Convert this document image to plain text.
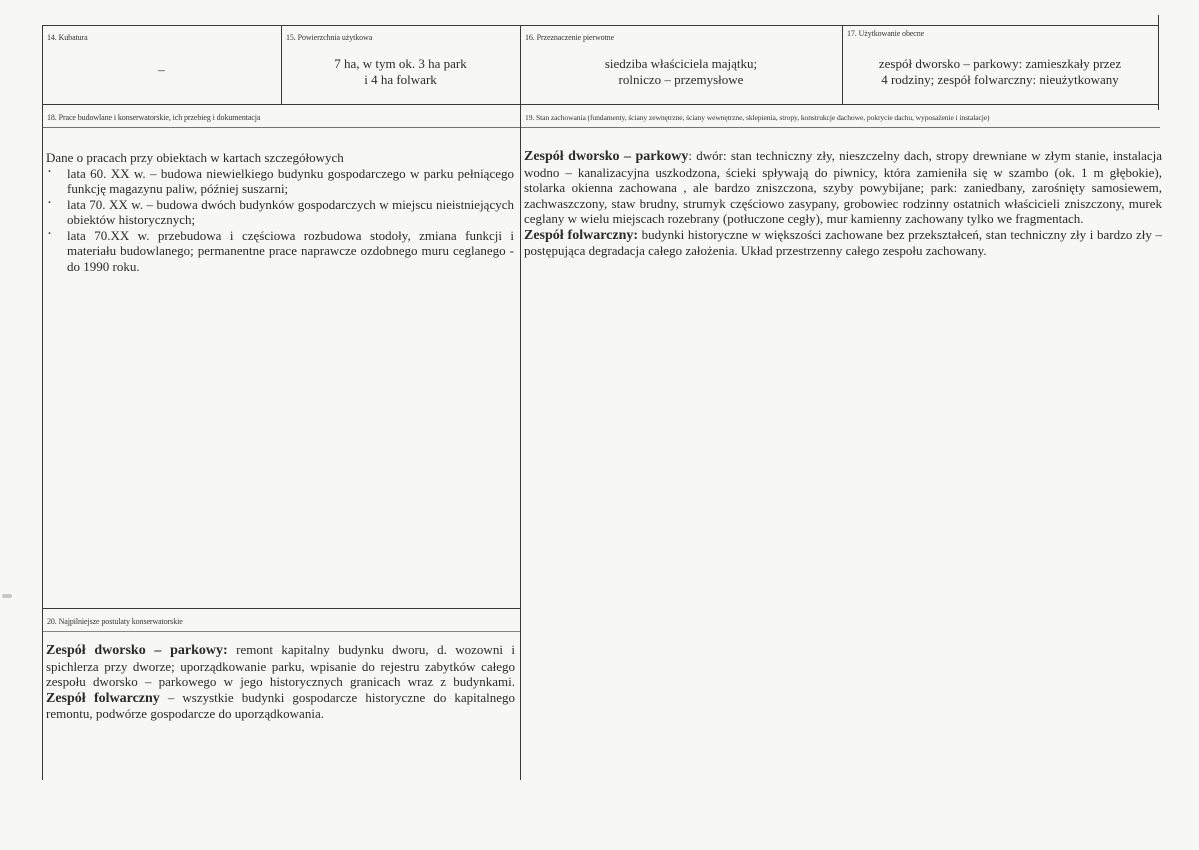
14. Kubatura
–
15. Powierzchnia użytkowa
7 ha, w tym ok. 3 ha park
i 4 ha folwark
16. Przeznaczenie pierwotne
siedziba właściciela majątku;
rolniczo – przemysłowe
17. Użytkowanie obecne
zespół dworsko – parkowy: zamieszkały przez
4 rodziny; zespół folwarczny: nieużytkowany
18. Prace budowlane i konserwatorskie, ich przebieg i dokumentacja

Dane o pracach przy obiektach w kartach szczegółowych

· lata 60. XX w. – budowa niewielkiego budynku gospodarczego w parku pełniącego funkcję magazynu paliw, później suszarni;
· lata 70. XX w. – budowa dwóch budynków gospodarczych w miejscu nieistniejących obiektów historycznych;
· lata 70.XX w. przebudowa i częściowa rozbudowa stodoły, zmiana funkcji i materiału budowlanego; permanentne prace naprawcze ozdobnego muru ceglanego - do 1990 roku.
19. Stan zachowania (fundamenty, ściany zewnętrzne, ściany wewnętrzne, sklepienia, stropy, konstrukcje dachowe, pokrycie dachu, wyposażenie i instalacje)

Zespół dworsko – parkowy: dwór: stan techniczny zły, nieszczelny dach, stropy drewniane w złym stanie, instalacja wodno – kanalizacyjna uszkodzona, ścieki spływają do piwnicy, która zamieniła się w szambo (ok. 1 m głębokie), stolarka okienna zachowana , ale bardzo zniszczona, szyby powybijane; park: zaniedbany, zarośnięty samosiewem, zachwaszczony, staw brudny, strumyk częściowo zasypany, grobowiec rodzinny ostatnich właścicieli zniszczony, murek ceglany w wielu miejscach rozebrany (potłuczone cegły), mur kamienny zachowany tylko we fragmentach.

Zespół folwarczny: budynki historyczne w większości zachowane bez przekształceń, stan techniczny zły i bardzo zły – postępująca degradacja całego założenia. Układ przestrzenny całego zespołu zachowany.

20. Najpilniejsze postulaty konserwatorskie

Zespół dworsko – parkowy: remont kapitalny budynku dworu, d. wozowni i spichlerza przy dworze; uporządkowanie parku, wpisanie do rejestru zabytków całego zespołu dworsko – parkowego w jego historycznych granicach wraz z budynkami. Zespół folwarczny – wszystkie budynki gospodarcze historyczne do kapitalnego remontu, podwórze gospodarcze do uporządkowania.
